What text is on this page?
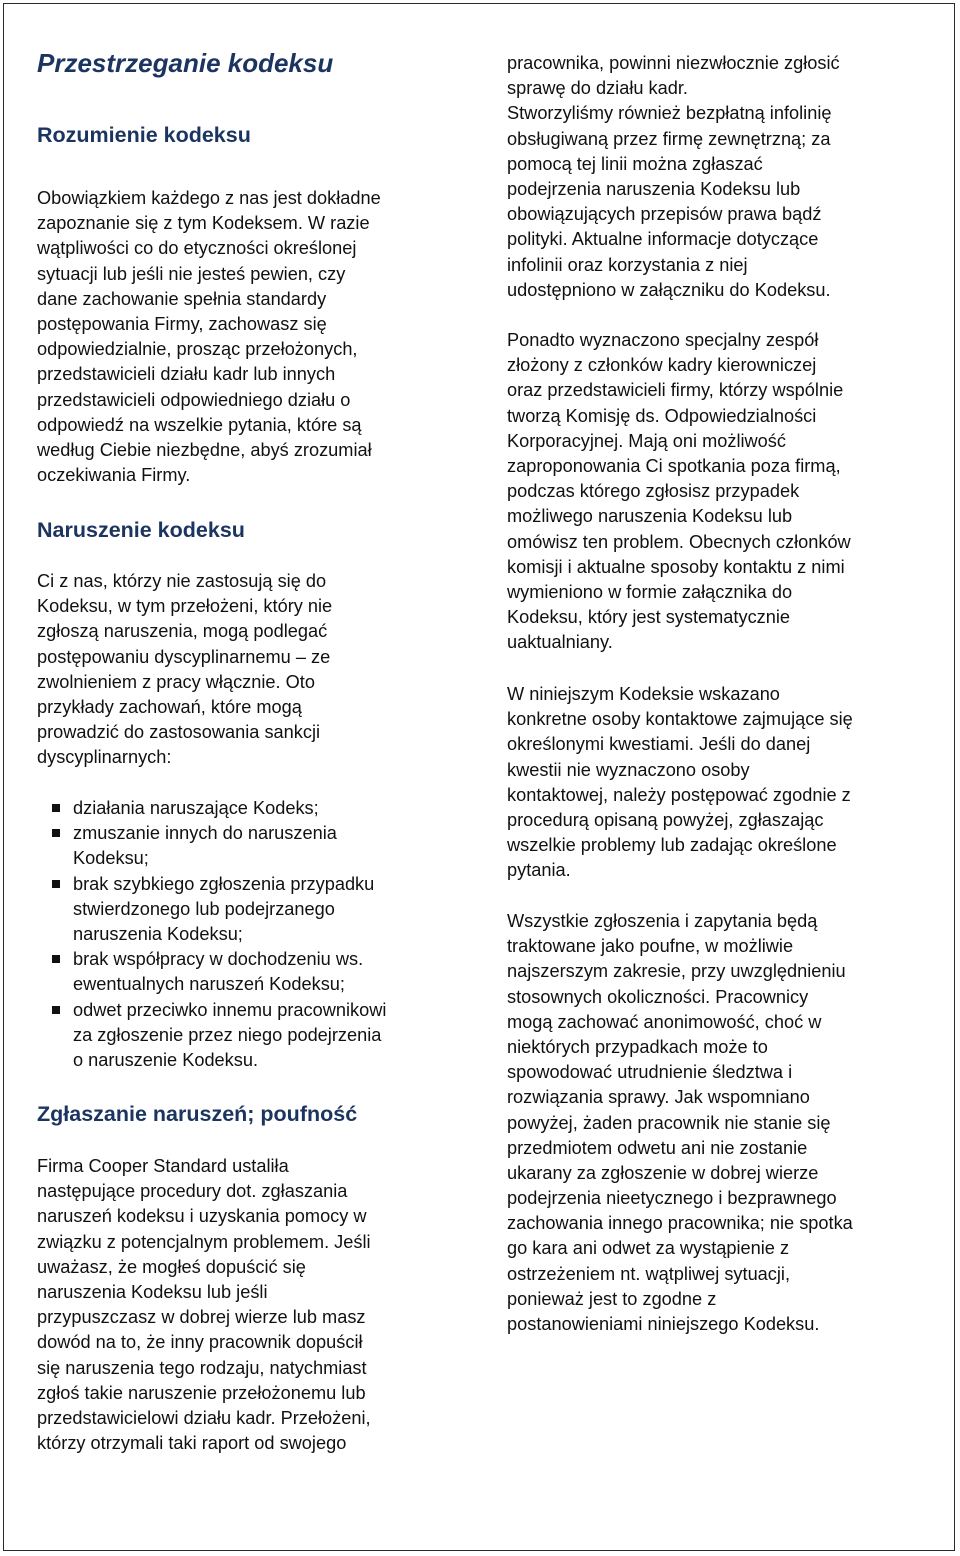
Przestrzeganie kodeksu
Rozumienie kodeksu
Obowiązkiem każdego z nas jest dokładne
zapoznanie się z tym Kodeksem. W razie
wątpliwości co do etyczności określonej
sytuacji lub jeśli nie jesteś pewien, czy
dane zachowanie spełnia standardy
postępowania Firmy, zachowasz się
odpowiedzialnie, prosząc przełożonych,
przedstawicieli działu kadr lub innych
przedstawicieli odpowiedniego działu o
odpowiedź na wszelkie pytania, które są
według Ciebie niezbędne, abyś zrozumiał
oczekiwania Firmy.
Naruszenie kodeksu
Ci z nas, którzy nie zastosują się do
Kodeksu, w tym przełożeni, który nie
zgłoszą naruszenia, mogą podlegać
postępowaniu dyscyplinarnemu – ze
zwolnieniem z pracy włącznie. Oto
przykłady zachowań, które mogą
prowadzić do zastosowania sankcji
dyscyplinarnych:
działania naruszające Kodeks;
zmuszanie innych do naruszenia
Kodeksu;
brak szybkiego zgłoszenia przypadku
stwierdzonego lub podejrzanego
naruszenia Kodeksu;
brak współpracy w dochodzeniu ws.
ewentualnych naruszeń Kodeksu;
odwet przeciwko innemu pracownikowi
za zgłoszenie przez niego podejrzenia
o naruszenie Kodeksu.
Zgłaszanie naruszeń; poufność
Firma Cooper Standard ustaliła
następujące procedury dot. zgłaszania
naruszeń kodeksu i uzyskania pomocy w
związku z potencjalnym problemem. Jeśli
uważasz, że mogłeś dopuścić się
naruszenia Kodeksu lub jeśli
przypuszczasz w dobrej wierze lub masz
dowód na to, że inny pracownik dopuścił
się naruszenia tego rodzaju, natychmiast
zgłoś takie naruszenie przełożonemu lub
przedstawicielowi działu kadr. Przełożeni,
którzy otrzymali taki raport od swojego
pracownika, powinni niezwłocznie zgłosić
sprawę do działu kadr.
Stworzyliśmy również bezpłatną infolinię
obsługiwaną przez firmę zewnętrzną; za
pomocą tej linii można zgłaszać
podejrzenia naruszenia Kodeksu lub
obowiązujących przepisów prawa bądź
polityki. Aktualne informacje dotyczące
infolinii oraz korzystania z niej
udostępniono w załączniku do Kodeksu.
Ponadto wyznaczono specjalny zespół
złożony z członków kadry kierowniczej
oraz przedstawicieli firmy, którzy wspólnie
tworzą Komisję ds. Odpowiedzialności
Korporacyjnej. Mają oni możliwość
zaproponowania Ci spotkania poza firmą,
podczas którego zgłosisz przypadek
możliwego naruszenia Kodeksu lub
omówisz ten problem. Obecnych członków
komisji i aktualne sposoby kontaktu z nimi
wymieniono w formie załącznika do
Kodeksu, który jest systematycznie
uaktualniany.
W niniejszym Kodeksie wskazano
konkretne osoby kontaktowe zajmujące się
określonymi kwestiami. Jeśli do danej
kwestii nie wyznaczono osoby
kontaktowej, należy postępować zgodnie z
procedurą opisaną powyżej, zgłaszając
wszelkie problemy lub zadając określone
pytania.
Wszystkie zgłoszenia i zapytania będą
traktowane jako poufne, w możliwie
najszerszym zakresie, przy uwzględnieniu
stosownych okoliczności. Pracownicy
mogą zachować anonimowość, choć w
niektórych przypadkach może to
spowodować utrudnienie śledztwa i
rozwiązania sprawy. Jak wspomniano
powyżej, żaden pracownik nie stanie się
przedmiotem odwetu ani nie zostanie
ukarany za zgłoszenie w dobrej wierze
podejrzenia nieetycznego i bezprawnego
zachowania innego pracownika; nie spotka
go kara ani odwet za wystąpienie z
ostrzeżeniem nt. wątpliwej sytuacji,
ponieważ jest to zgodne z
postanowieniami niniejszego Kodeksu.
